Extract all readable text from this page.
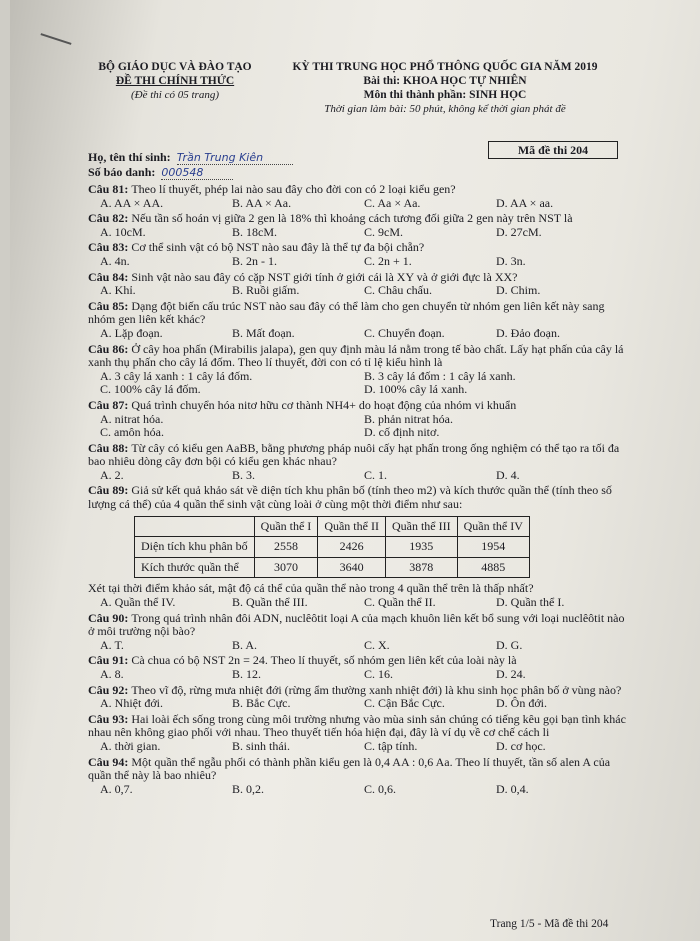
BỘ GIÁO DỤC VÀ ĐÀO TẠO
ĐỀ THI CHÍNH THỨC
(Đề thi có 05 trang)
KỲ THI TRUNG HỌC PHỔ THÔNG QUỐC GIA NĂM 2019
Bài thi: KHOA HỌC TỰ NHIÊN
Môn thi thành phần: SINH HỌC
Thời gian làm bài: 50 phút, không kể thời gian phát đề
Họ, tên thí sinh: Trần Trung Kiên
Số báo danh: 000548
Mã đề thi 204
Câu 81: Theo lí thuyết, phép lai nào sau đây cho đời con có 2 loại kiểu gen?
A. AA × AA.	B. AA × Aa.	C. Aa × Aa.	D. AA × aa.
Câu 82: Nếu tần số hoán vị giữa 2 gen là 18% thì khoảng cách tương đối giữa 2 gen này trên NST là
A. 10cM.	B. 18cM.	C. 9cM.	D. 27cM.
Câu 83: Cơ thể sinh vật có bộ NST nào sau đây là thể tự đa bội chẵn?
A. 4n.	B. 2n - 1.	C. 2n + 1.	D. 3n.
Câu 84: Sinh vật nào sau đây có cặp NST giới tính ở giới cái là XY và ở giới đực là XX?
A. Khỉ.	B. Ruồi giấm.	C. Châu chấu.	D. Chim.
Câu 85: Dạng đột biến cấu trúc NST nào sau đây có thể làm cho gen chuyển từ nhóm gen liên kết này sang nhóm gen liên kết khác?
A. Lặp đoạn.	B. Mất đoạn.	C. Chuyển đoạn.	D. Đảo đoạn.
Câu 86: Ở cây hoa phấn (Mirabilis jalapa), gen quy định màu lá nằm trong tế bào chất. Lấy hạt phấn của cây lá xanh thụ phấn cho cây lá đốm. Theo lí thuyết, đời con có tỉ lệ kiểu hình là
A. 3 cây lá xanh : 1 cây lá đốm.	B. 3 cây lá đốm : 1 cây lá xanh.
C. 100% cây lá đốm.	D. 100% cây lá xanh.
Câu 87: Quá trình chuyển hóa nitơ hữu cơ thành NH4+ do hoạt động của nhóm vi khuẩn
A. nitrat hóa.	B. phản nitrat hóa.
C. amôn hóa.	D. cố định nitơ.
Câu 88: Từ cây có kiểu gen AaBB, bằng phương pháp nuôi cấy hạt phấn trong ống nghiệm có thể tạo ra tối đa bao nhiêu dòng cây đơn bội có kiểu gen khác nhau?
A. 2.	B. 3.	C. 1.	D. 4.
Câu 89: Giả sử kết quả khảo sát về diện tích khu phân bố (tính theo m2) và kích thước quần thể (tính theo số lượng cá thể) của 4 quần thể sinh vật cùng loài ở cùng một thời điểm như sau:
	Quần thể I	Quần thể II	Quần thể III	Quần thể IV
Diện tích khu phân bố	2558	2426	1935	1954
Kích thước quần thể	3070	3640	3878	4885
Xét tại thời điểm khảo sát, mật độ cá thể của quần thể nào trong 4 quần thể trên là thấp nhất?
A. Quần thể IV.	B. Quần thể III.	C. Quần thể II.	D. Quần thể I.
Câu 90: Trong quá trình nhân đôi ADN, nuclêôtit loại A của mạch khuôn liên kết bổ sung với loại nuclêôtit nào ở môi trường nội bào?
A. T.	B. A.	C. X.	D. G.
Câu 91: Cà chua có bộ NST 2n = 24. Theo lí thuyết, số nhóm gen liên kết của loài này là
A. 8.	B. 12.	C. 16.	D. 24.
Câu 92: Theo vĩ độ, rừng mưa nhiệt đới (rừng ẩm thường xanh nhiệt đới) là khu sinh học phân bố ở vùng nào?
A. Nhiệt đới.	B. Bắc Cực.	C. Cận Bắc Cực.	D. Ôn đới.
Câu 93: Hai loài ếch sống trong cùng môi trường nhưng vào mùa sinh sản chúng có tiếng kêu gọi bạn tình khác nhau nên không giao phối với nhau. Theo thuyết tiến hóa hiện đại, đây là ví dụ về cơ chế cách li
A. thời gian.	B. sinh thái.	C. tập tính.	D. cơ học.
Câu 94: Một quần thể ngẫu phối có thành phần kiểu gen là 0,4 AA : 0,6 Aa. Theo lí thuyết, tần số alen A của quần thể này là bao nhiêu?
A. 0,7.	B. 0,2.	C. 0,6.	D. 0,4.
Trang 1/5 - Mã đề thi 204
